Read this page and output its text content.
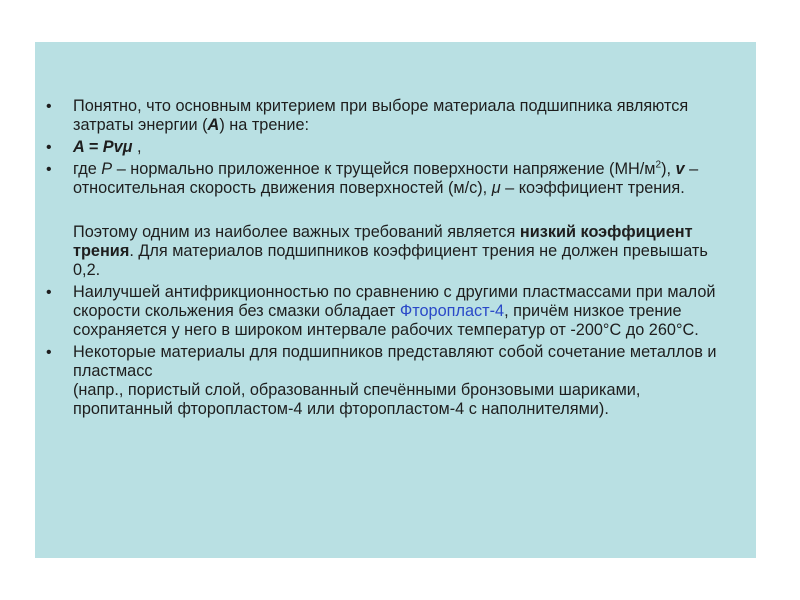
• Понятно, что основным критерием при выборе материала подшипника являются затраты энергии (A) на трение:
• A = Pvμ ,
• где P – нормально приложенное к трущейся поверхности напряжение $(МН/м^2)$, v – относительная скорость движения поверхностей (м/с), μ – коэффициент трения.
Поэтому одним из наиболее важных требований является низкий коэффициент трения. Для материалов подшипников коэффициент трения не должен превышать 0,2.
• Наилучшей антифрикционностью по сравнению с другими пластмассами при малой скорости скольжения без смазки обладает Фторопласт-4, причём низкое трение сохраняется у него в широком интервале рабочих температур от -200°С до 260°С.
• Некоторые материалы для подшипников представляют собой сочетание металлов и пластмасс
(напр., пористый слой, образованный спечёнными бронзовыми шариками, пропитанный фторопластом-4 или фторопластом-4 с наполнителями).
